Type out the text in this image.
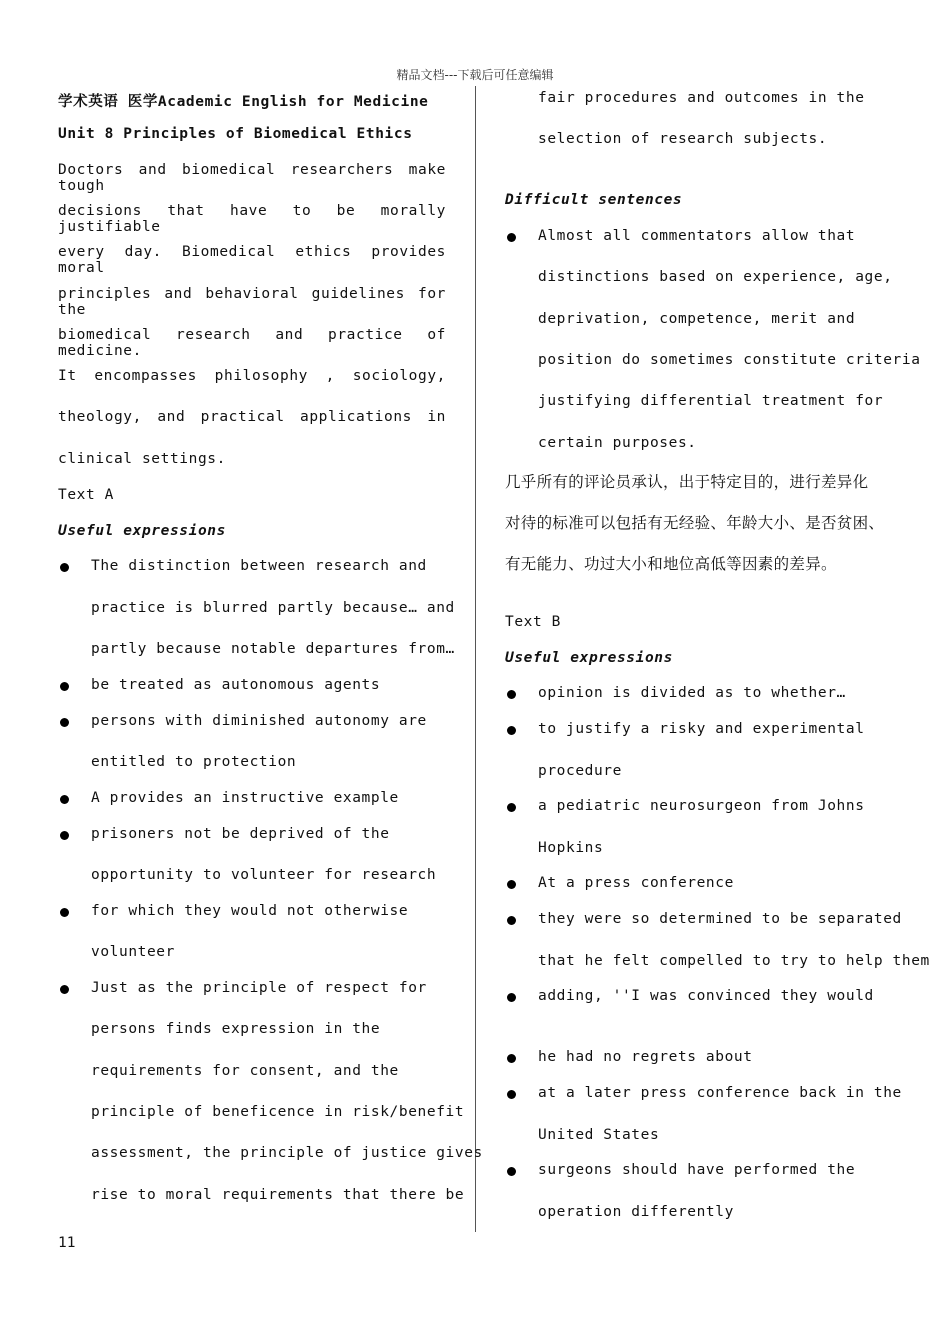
精品文档---下载后可任意编辑
学术英语 医学Academic English for Medicine
Unit 8 Principles of Biomedical Ethics
Doctors and biomedical researchers make tough
decisions that have to be morally justifiable
every day. Biomedical ethics provides moral
principles and behavioral guidelines for the
biomedical research and practice of medicine.
It encompasses philosophy , sociology,
theology, and practical applications in
clinical settings.
Text A
Useful expressions
The distinction between research and
practice is blurred partly because… and
partly because notable departures from…
be treated as autonomous agents
persons with diminished autonomy are
entitled to protection
A provides an instructive example
prisoners not be deprived of the
opportunity to volunteer for research
for which they would not otherwise
volunteer
Just as the principle of respect for
persons finds expression in the
requirements for consent, and the
principle of beneficence in risk/benefit
assessment, the principle of justice gives
rise to moral requirements that there be
fair procedures and outcomes in the
selection of research subjects.
Difficult sentences
Almost all commentators allow that
distinctions based on experience, age,
deprivation, competence, merit and
position do sometimes constitute criteria
justifying differential treatment for
certain purposes.
几乎所有的评论员承认，出于特定目的，进行差异化
对待的标准可以包括有无经验、年龄大小、是否贫困、
有无能力、功过大小和地位高低等因素的差异。
Text B
Useful expressions
opinion is divided as to whether…
to justify a risky and experimental
procedure
a pediatric neurosurgeon from Johns
Hopkins
At a press conference
they were so determined to be separated
that he felt compelled to try to help them
adding, ''I was convinced they would
he had no regrets about
at a later press conference back in the
United States
surgeons should have performed the
operation differently
11
